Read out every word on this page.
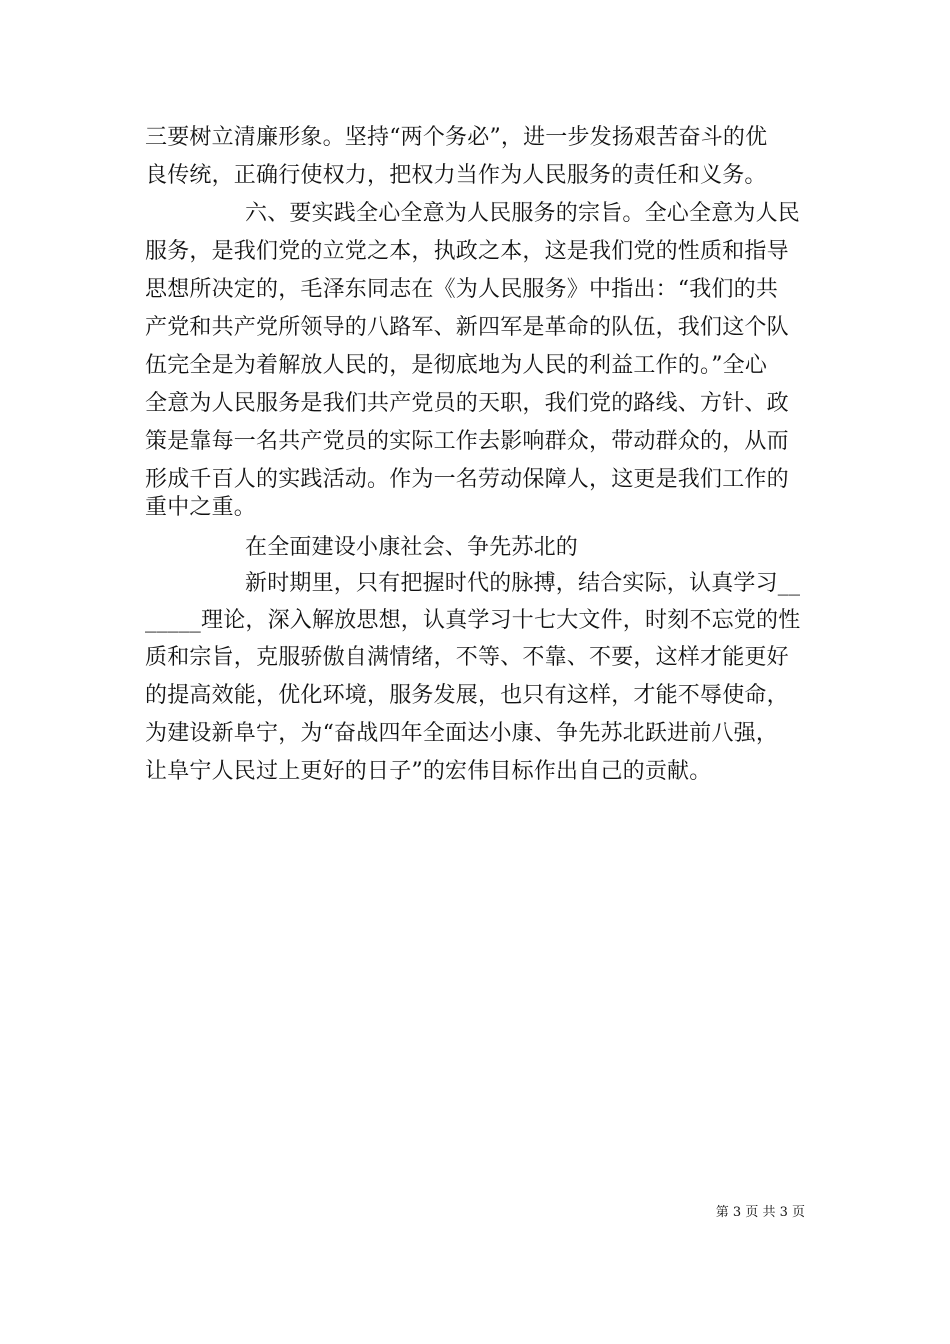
三要树立清廉形象。坚持“两个务必”，进一步发扬艰苦奋斗的优
良传统，正确行使权力，把权力当作为人民服务的责任和义务。
六、要实践全心全意为人民服务的宗旨。全心全意为人民
服务，是我们党的立党之本，执政之本，这是我们党的性质和指导
思想所决定的，毛泽东同志在《为人民服务》中指出：“我们的共
产党和共产党所领导的八路军、新四军是革命的队伍，我们这个队
伍完全是为着解放人民的，是彻底地为人民的利益工作的。”全心
全意为人民服务是我们共产党员的天职，我们党的路线、方针、政
策是靠每一名共产党员的实际工作去影响群众，带动群众的，从而
形成千百人的实践活动。作为一名劳动保障人，这更是我们工作的
重中之重。
在全面建设小康社会、争先苏北的
新时期里，只有把握时代的脉搏，结合实际，认真学习__
_____理论，深入解放思想，认真学习十七大文件，时刻不忘党的性
质和宗旨，克服骄傲自满情绪，不等、不靠、不要，这样才能更好
的提高效能，优化环境，服务发展，也只有这样，才能不辱使命，
为建设新阜宁，为“奋战四年全面达小康、争先苏北跃进前八强，
让阜宁人民过上更好的日子”的宏伟目标作出自己的贡献。
第 3 页 共 3 页
